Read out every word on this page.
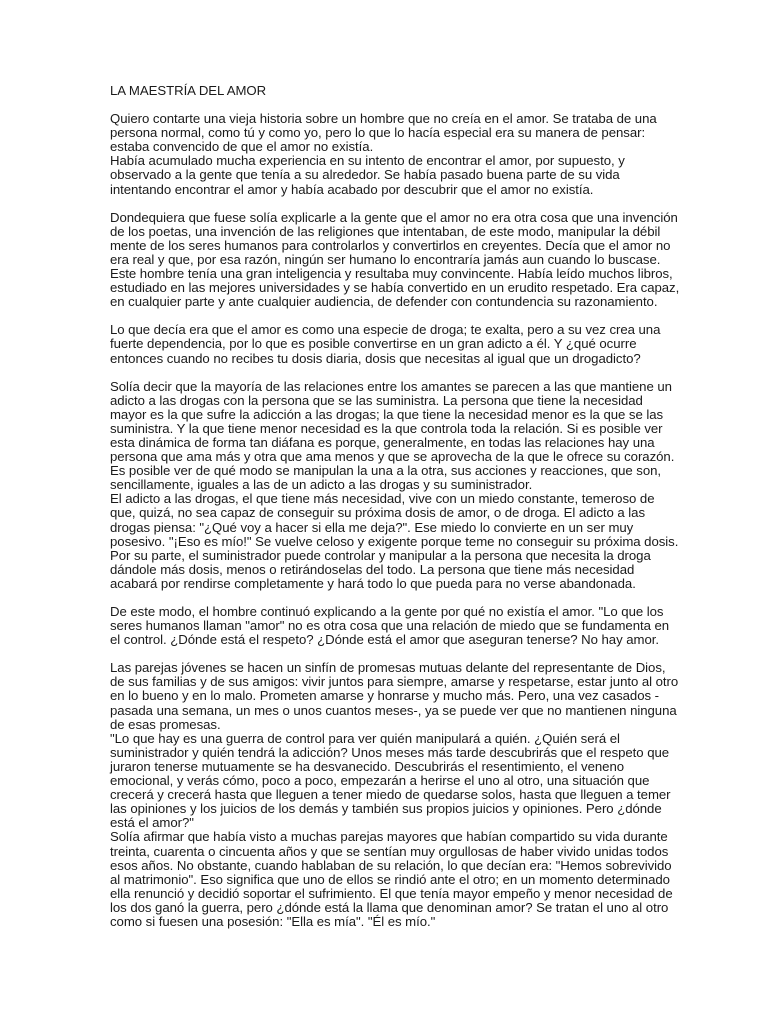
LA MAESTRÍA DEL AMOR

Quiero contarte una vieja historia sobre un hombre que no creía en el amor. Se trataba de una persona normal, como tú y como yo, pero lo que lo hacía especial era su manera de pensar: estaba convencido de que el amor no existía.

Había acumulado mucha experiencia en su intento de encontrar el amor, por supuesto, y observado a la gente que tenía a su alrededor. Se había pasado buena parte de su vida intentando encontrar el amor y había acabado por descubrir que el amor no existía.

Dondequiera que fuese solía explicarle a la gente que el amor no era otra cosa que una invención de los poetas, una invención de las religiones que intentaban, de este modo, manipular la débil mente de los seres humanos para controlarlos y convertirlos en creyentes. Decía que el amor no era real y que, por esa razón, ningún ser humano lo encontraría jamás aun cuando lo buscase. Este hombre tenía una gran inteligencia y resultaba muy convincente. Había leído muchos libros, estudiado en las mejores universidades y se había convertido en un erudito respetado. Era capaz, en cualquier parte y ante cualquier audiencia, de defender con contundencia su razonamiento.

Lo que decía era que el amor es como una especie de droga; te exalta, pero a su vez crea una fuerte dependencia, por lo que es posible convertirse en un gran adicto a él. Y ¿qué ocurre entonces cuando no recibes tu dosis diaria, dosis que necesitas al igual que un drogadicto?

Solía decir que la mayoría de las relaciones entre los amantes se parecen a las que mantiene un adicto a las drogas con la persona que se las suministra. La persona que tiene la necesidad mayor es la que sufre la adicción a las drogas; la que tiene la necesidad menor es la que se las suministra. Y la que tiene menor necesidad es la que controla toda la relación. Si es posible ver esta dinámica de forma tan diáfana es porque, generalmente, en todas las relaciones hay una persona que ama más y otra que ama menos y que se aprovecha de la que le ofrece su corazón. Es posible ver de qué modo se manipulan la una a la otra, sus acciones y reacciones, que son, sencillamente, iguales a las de un adicto a las drogas y su suministrador.

El adicto a las drogas, el que tiene más necesidad, vive con un miedo constante, temeroso de que, quizá, no sea capaz de conseguir su próxima dosis de amor, o de droga. El adicto a las drogas piensa: "¿Qué voy a hacer si ella me deja?". Ese miedo lo convierte en un ser muy posesivo. "¡Eso es mío!" Se vuelve celoso y exigente porque teme no conseguir su próxima dosis. Por su parte, el suministrador puede controlar y manipular a la persona que necesita la droga dándole más dosis, menos o retirándoselas del todo. La persona que tiene más necesidad acabará por rendirse completamente y hará todo lo que pueda para no verse abandonada.

De este modo, el hombre continuó explicando a la gente por qué no existía el amor. "Lo que los seres humanos llaman "amor" no es otra cosa que una relación de miedo que se fundamenta en el control. ¿Dónde está el respeto? ¿Dónde está el amor que aseguran tenerse? No hay amor.

Las parejas jóvenes se hacen un sinfín de promesas mutuas delante del representante de Dios, de sus familias y de sus amigos: vivir juntos para siempre, amarse y respetarse, estar junto al otro en lo bueno y en lo malo. Prometen amarse y honrarse y mucho más. Pero, una vez casados -pasada una semana, un mes o unos cuantos meses-, ya se puede ver que no mantienen ninguna de esas promesas.

"Lo que hay es una guerra de control para ver quién manipulará a quién. ¿Quién será el suministrador y quién tendrá la adicción? Unos meses más tarde descubrirás que el respeto que juraron tenerse mutuamente se ha desvanecido. Descubrirás el resentimiento, el veneno emocional, y verás cómo, poco a poco, empezarán a herirse el uno al otro, una situación que crecerá y crecerá hasta que lleguen a tener miedo de quedarse solos, hasta que lleguen a temer las opiniones y los juicios de los demás y también sus propios juicios y opiniones. Pero ¿dónde está el amor?"

Solía afirmar que había visto a muchas parejas mayores que habían compartido su vida durante treinta, cuarenta o cincuenta años y que se sentían muy orgullosas de haber vivido unidas todos esos años. No obstante, cuando hablaban de su relación, lo que decían era: "Hemos sobrevivido al matrimonio". Eso significa que uno de ellos se rindió ante el otro; en un momento determinado ella renunció y decidió soportar el sufrimiento. El que tenía mayor empeño y menor necesidad de los dos ganó la guerra, pero ¿dónde está la llama que denominan amor? Se tratan el uno al otro como si fuesen una posesión: "Ella es mía". "Él es mío."
